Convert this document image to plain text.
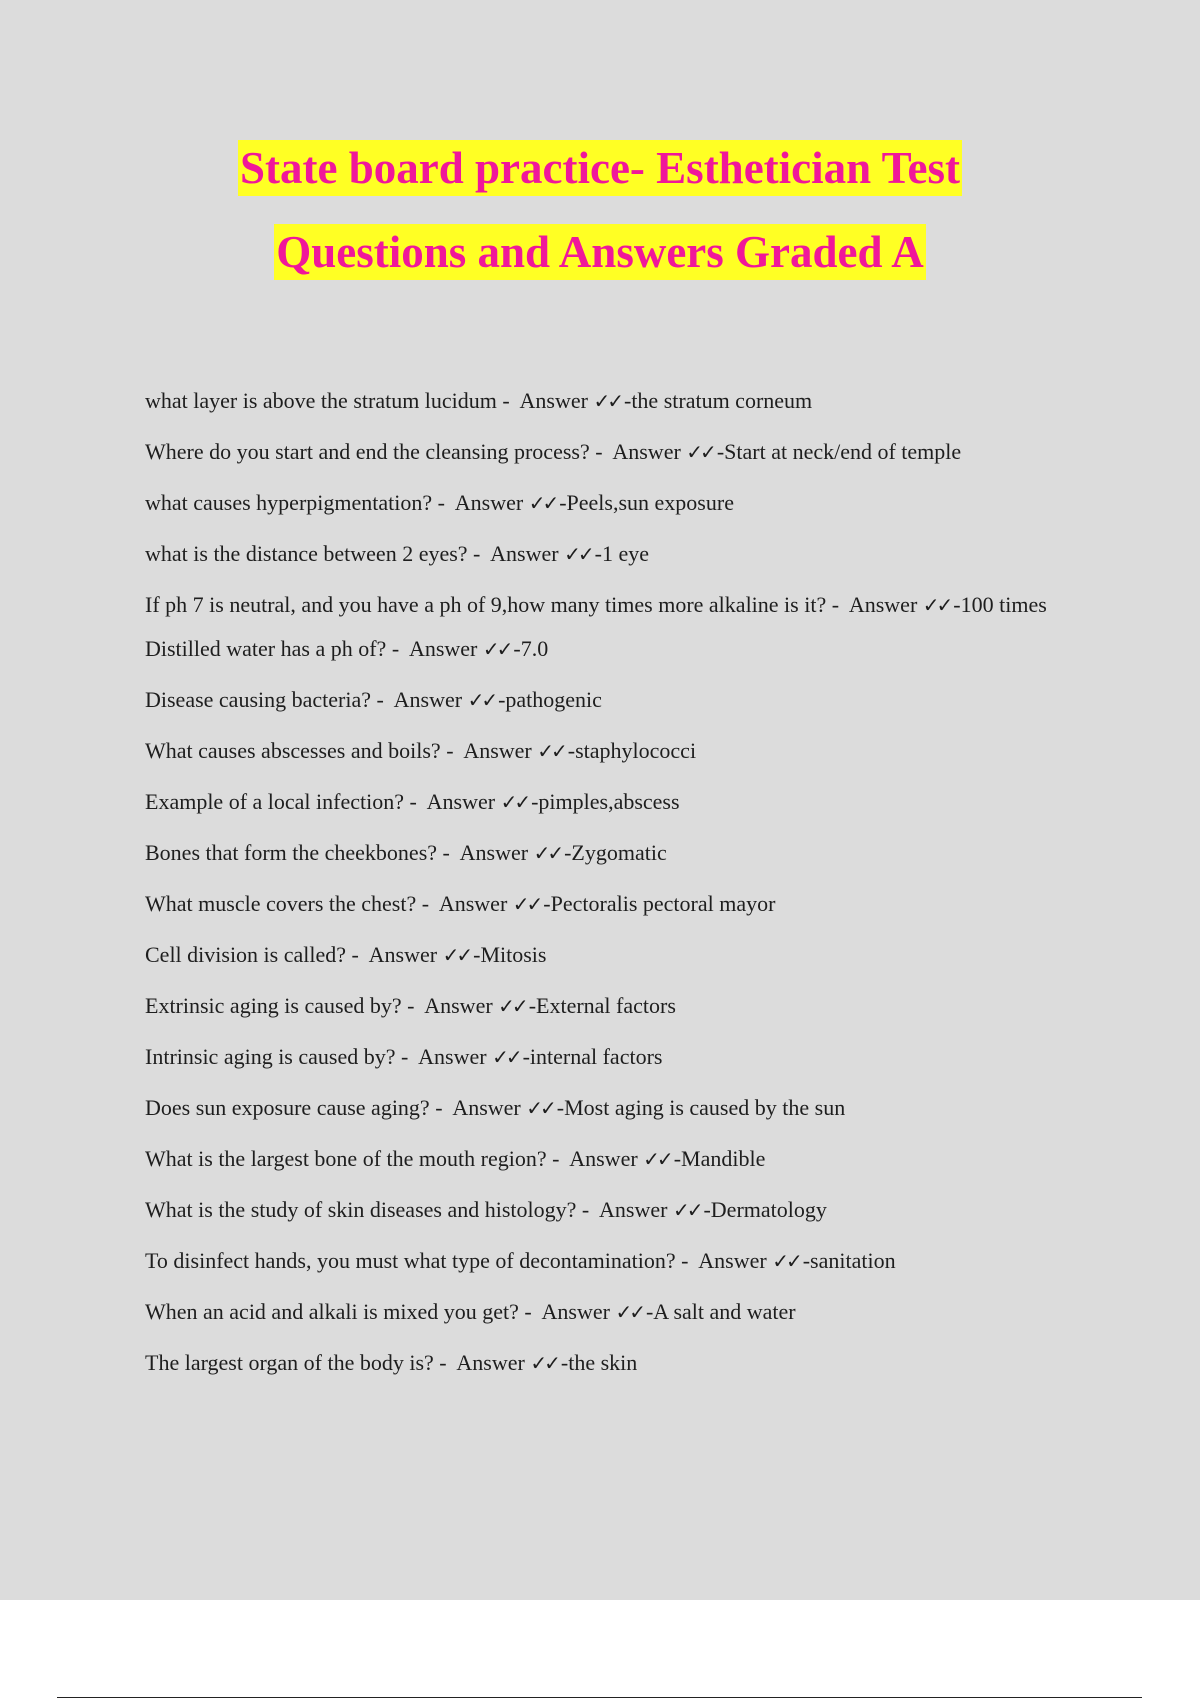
State board practice- Esthetician Test
Questions and Answers Graded A
what layer is above the stratum lucidum -  Answer ✓✓ -the stratum corneum
Where do you start and end the cleansing process? -  Answer ✓✓ -Start at neck/end of temple
what causes hyperpigmentation? -  Answer ✓✓ -Peels,sun exposure
what is the distance between 2 eyes? -  Answer ✓✓ -1 eye
If ph 7 is neutral, and you have a ph of 9,how many times more alkaline is it? -  Answer ✓✓ -100 times
Distilled water has a ph of? -  Answer ✓✓ -7.0
Disease causing bacteria? -  Answer ✓✓ -pathogenic
What causes abscesses and boils? -  Answer ✓✓ -staphylococci
Example of a local infection? -  Answer ✓✓ -pimples,abscess
Bones that form the cheekbones? -  Answer ✓✓ -Zygomatic
What muscle covers the chest? -  Answer ✓✓ -Pectoralis pectoral mayor
Cell division is called? -  Answer ✓✓ -Mitosis
Extrinsic aging is caused by? -  Answer ✓✓ -External factors
Intrinsic aging is caused by? -  Answer ✓✓ -internal factors
Does sun exposure cause aging? -  Answer ✓✓ -Most aging is caused by the sun
What is the largest bone of the mouth region? -  Answer ✓✓ -Mandible
What is the study of skin diseases and histology? -  Answer ✓✓ -Dermatology
To disinfect hands, you must what type of decontamination? -  Answer ✓✓ -sanitation
When an acid and alkali is mixed you get? -  Answer ✓✓ -A salt and water
The largest organ of the body is? -  Answer ✓✓ -the skin
